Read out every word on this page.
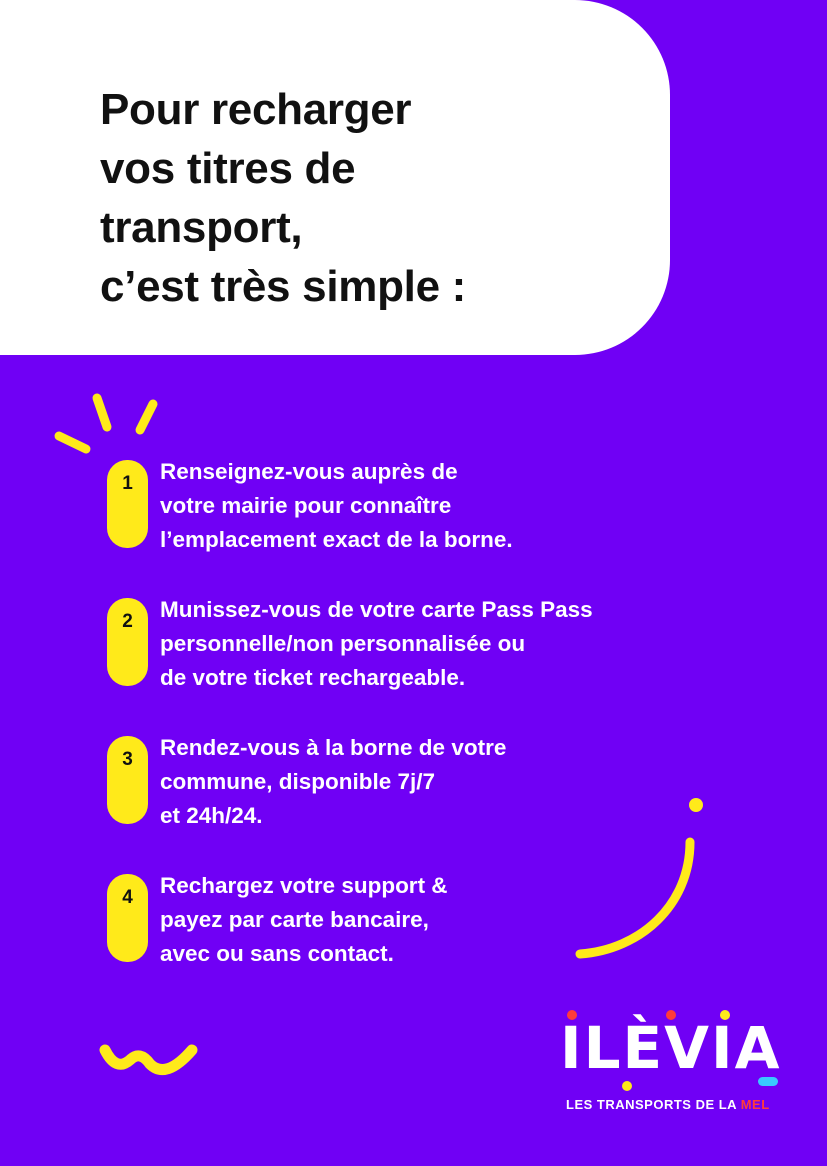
Pour recharger
vos titres de
transport,
c’est très simple :
1	Renseignez-vous auprès de
votre mairie pour connaître
l’emplacement exact de la borne.
2	Munissez-vous de votre carte Pass Pass
personnelle/non personnalisée ou
de votre ticket rechargeable.
3	Rendez-vous à la borne de votre
commune, disponible 7j/7
et 24h/24.
4	Rechargez votre support &
payez par carte bancaire,
avec ou sans contact.
ILÈVIA
LES TRANSPORTS DE LA MEL
